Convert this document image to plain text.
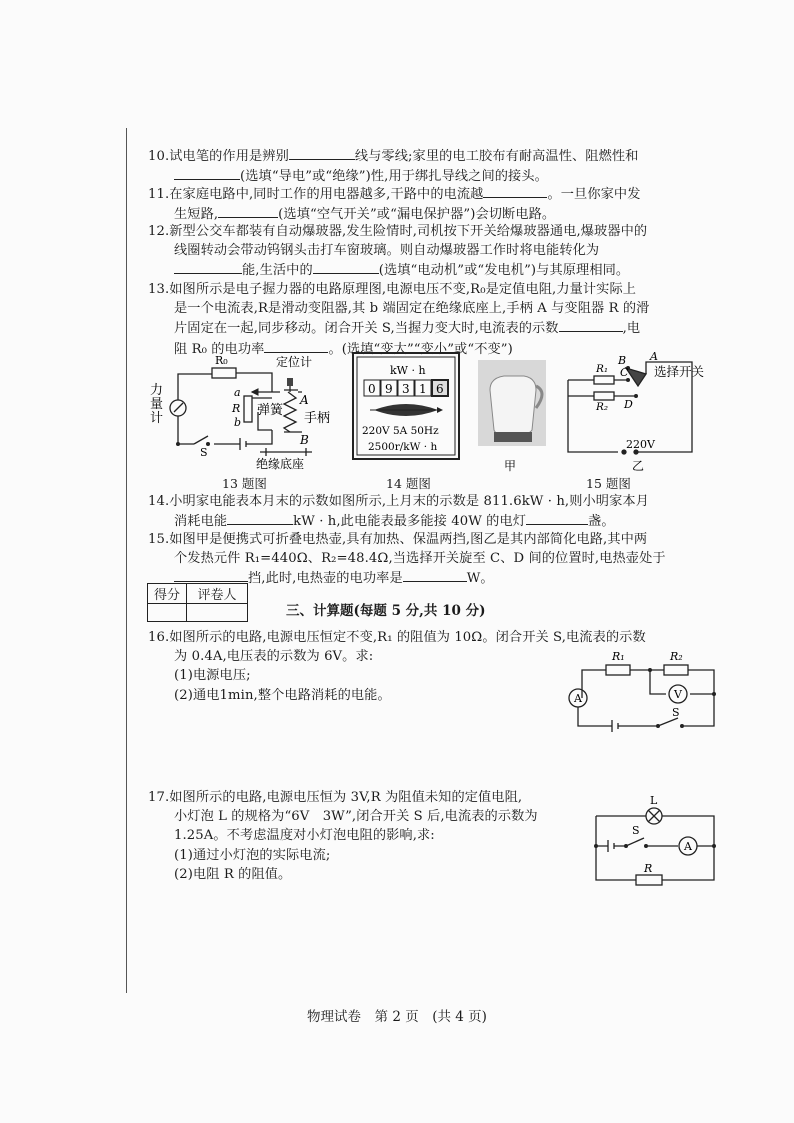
10.试电笔的作用是辨别	线与零线;家里的电工胶布有耐高温性、阻燃性和

(选填“导电”或“绝缘”)性,用于绑扎导线之间的接头。

11.在家庭电路中,同时工作的用电器越多,干路中的电流越	。一旦你家中发

生短路,	(选填“空气开关”或“漏电保护器”)会切断电路。

12.新型公交车都装有自动爆玻器,发生险情时,司机按下开关给爆玻器通电,爆玻器中的

线圈转动会带动钨钢头击打车窗玻璃。则自动爆玻器工作时将电能转化为

能,生活中的	(选填“电动机”或“发电机”)与其原理相同。

13.如图所示是电子握力器的电路原理图,电源电压不变,R₀是定值电阻,力量计实际上

是一个电流表,R是滑动变阻器,其 b 端固定在绝缘底座上,手柄 A 与变阻器 R 的滑

片固定在一起,同步移动。闭合开关 S,当握力变大时,电流表的示数	,电

阻 R₀ 的电功率	。(选填“变大”“变小”或“不变”)

R₀	定位计
力
量
计
a
R
b
弹簧
A
手柄
B
S
绝缘底座
13 题图
kW · h
0 9 3 1 6
220V 5A 50Hz
2500r/kW · h
14 题图
甲
R₁
R₂
B A
C
D
选择开关
220V
乙
15 题图

14.小明家电能表本月末的示数如图所示,上月末的示数是 811.6kW · h,则小明家本月

消耗电能	kW · h,此电能表最多能接 40W 的电灯	盏。

15.如图甲是便携式可折叠电热壶,具有加热、保温两挡,图乙是其内部简化电路,其中两

个发热元件 R₁=440Ω、R₂=48.4Ω,当选择开关旋至 C、D 间的位置时,电热壶处于

挡,此时,电热壶的电功率是	W。

得分	评卷人

三、计算题(每题 5 分,共 10 分)

16.如图所示的电路,电源电压恒定不变,R₁ 的阻值为 10Ω。闭合开关 S,电流表的示数

为 0.4A,电压表的示数为 6V。求:

(1)电源电压;

(2)通电1min,整个电路消耗的电能。

R₁	R₂
A	V
S

17.如图所示的电路,电源电压恒为 3V,R 为阻值未知的定值电阻,

小灯泡 L 的规格为“6V　3W”,闭合开关 S 后,电流表的示数为

1.25A。不考虑温度对小灯泡电阻的影响,求:

(1)通过小灯泡的实际电流;

(2)电阻 R 的阻值。

L
S
A
R
物理试卷　第 2 页　(共 4 页)
